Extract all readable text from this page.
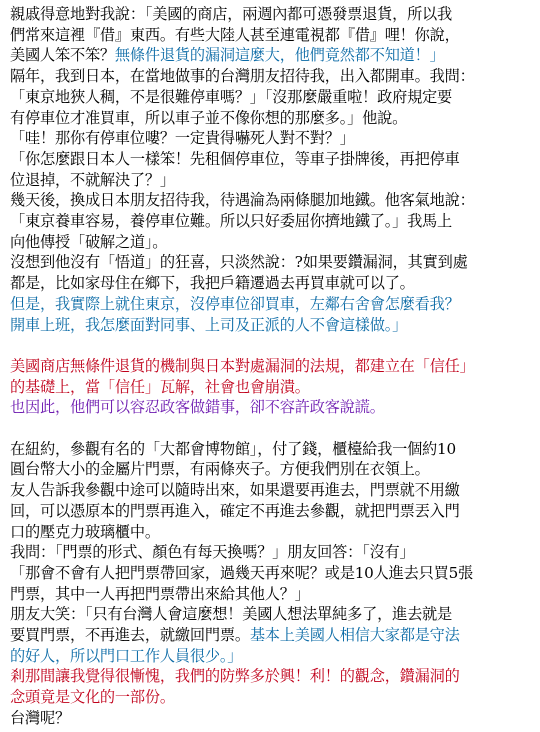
親戚得意地對我說：「美國的商店，兩週內都可憑發票退貨，所以我
們常來這裡『借』東西。有些大陸人甚至連電視都『借』哩！你說，
美國人笨不笨？無條件退貨的漏洞這麼大，他們竟然都不知道！」
隔年，我到日本，在當地做事的台灣朋友招待我，出入都開車。我問：
「東京地狹人稠，不是很難停車嗎？」「沒那麼嚴重啦！政府規定要
有停車位才准買車，所以車子並不像你想的那麼多。」他說。
「哇！那你有停車位嘍？一定貴得嚇死人對不對？」
「你怎麼跟日本人一樣笨！先租個停車位，等車子掛牌後，再把停車
位退掉，不就解決了？」
幾天後，換成日本朋友招待我，待遇淪為兩條腿加地鐵。他客氣地說：
「東京養車容易，養停車位難。所以只好委屈你擠地鐵了。」我馬上
向他傳授「破解之道」。
沒想到他沒有「悟道」的狂喜，只淡然說：?如果要鑽漏洞，其實到處
都是，比如家母住在鄉下，我把戶籍遷過去再買車就可以了。
但是，我實際上就住東京，沒停車位卻買車，左鄰右舍會怎麼看我？
開車上班，我怎麼面對同事、上司及正派的人不會這樣做。」
美國商店無條件退貨的機制與日本對處漏洞的法規，都建立在「信任」
的基礎上，當「信任」瓦解，社會也會崩潰。
也因此，他們可以容忍政客做錯事，卻不容許政客說謊。
在紐約，參觀有名的「大都會博物館」，付了錢，櫃檯給我一個約10
圓台幣大小的金屬片門票，有兩條夾子。方便我們別在衣領上。
友人告訴我參觀中途可以隨時出來，如果還要再進去，門票就不用繳
回，可以憑原本的門票再進入，確定不再進去參觀，就把門票丟入門
口的壓克力玻璃櫃中。
我問：「門票的形式、顏色有每天換嗎？」朋友回答：「沒有」
「那會不會有人把門票帶回家，過幾天再來呢？或是10人進去只買5張
門票，其中一人再把門票帶出來給其他人？」
朋友大笑：「只有台灣人會這麼想！美國人想法單純多了，進去就是
要買門票，不再進去，就繳回門票。基本上美國人相信大家都是守法
的好人，所以門口工作人員很少。」
剎那間讓我覺得很慚愧，我們的防弊多於興！利！的觀念，鑽漏洞的
念頭竟是文化的一部份。
台灣呢？
